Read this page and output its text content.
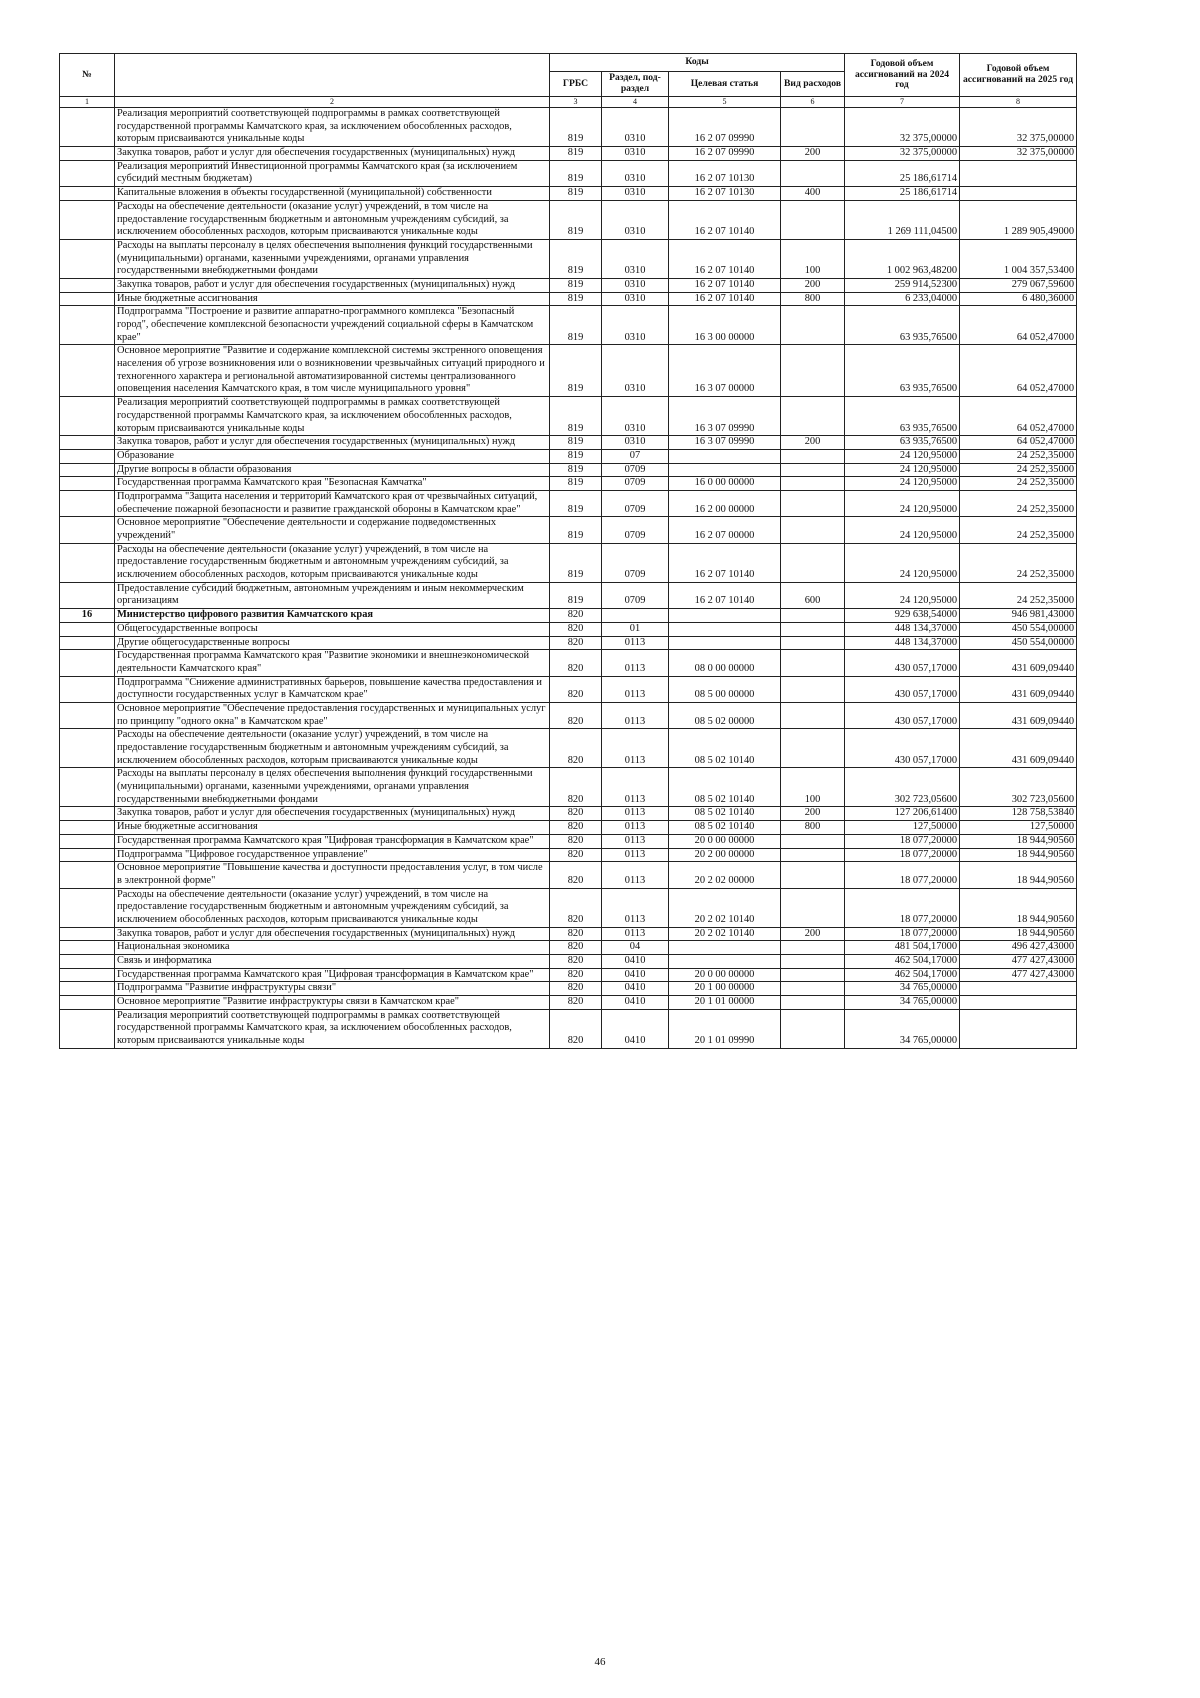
№		Коды				Годовой объем ассигнований на 2024 год	Годовой объем ассигнований на 2025 год	
		ГРБС	Раздел, под-раздел	Целевая статья	Вид расходов			
1	2	3	4	5	6	7	8	
	Реализация мероприятий соответствующей подпрограммы в рамках соответствующей государственной программы Камчатского края, за исключением обособленных расходов, которым присваиваются уникальные коды	819	0310	16 2 07 09990		32 375,00000	32 375,00000	
	Закупка товаров, работ и услуг для обеспечения государственных (муниципальных) нужд	819	0310	16 2 07 09990	200	32 375,00000	32 375,00000	
	Реализация мероприятий Инвестиционной программы Камчатского края (за исключением субсидий местным бюджетам)	819	0310	16 2 07 10130		25 186,61714		
	Капитальные вложения в объекты государственной (муниципальной) собственности	819	0310	16 2 07 10130	400	25 186,61714		
	Расходы на обеспечение деятельности (оказание услуг) учреждений, в том числе на предоставление государственным бюджетным и автономным учреждениям субсидий, за исключением обособленных расходов, которым присваиваются уникальные коды	819	0310	16 2 07 10140		1 269 111,04500	1 289 905,49000	
	Расходы на выплаты персоналу в целях обеспечения выполнения функций государственными (муниципальными) органами, казенными учреждениями, органами управления государственными внебюджетными фондами	819	0310	16 2 07 10140	100	1 002 963,48200	1 004 357,53400	
	Закупка товаров, работ и услуг для обеспечения государственных (муниципальных) нужд	819	0310	16 2 07 10140	200	259 914,52300	279 067,59600	
	Иные бюджетные ассигнования	819	0310	16 2 07 10140	800	6 233,04000	6 480,36000	
	Подпрограмма "Построение и развитие аппаратно-программного комплекса "Безопасный город", обеспечение комплексной безопасности учреждений социальной сферы в Камчатском крае"	819	0310	16 3 00 00000		63 935,76500	64 052,47000	
	Основное мероприятие "Развитие и содержание комплексной системы экстренного оповещения населения об угрозе возникновения или о возникновении чрезвычайных ситуаций природного и техногенного характера и региональной автоматизированной системы централизованного оповещения населения Камчатского края, в том числе муниципального уровня"	819	0310	16 3 07 00000		63 935,76500	64 052,47000	
	Реализация мероприятий соответствующей подпрограммы в рамках соответствующей государственной программы Камчатского края, за исключением обособленных расходов, которым присваиваются уникальные коды	819	0310	16 3 07 09990		63 935,76500	64 052,47000	
	Закупка товаров, работ и услуг для обеспечения государственных (муниципальных) нужд	819	0310	16 3 07 09990	200	63 935,76500	64 052,47000	
	Образование	819	07			24 120,95000	24 252,35000	
	Другие вопросы в области образования	819	0709			24 120,95000	24 252,35000	
	Государственная программа Камчатского края "Безопасная Камчатка"	819	0709	16 0 00 00000		24 120,95000	24 252,35000	
	Подпрограмма "Защита населения и территорий Камчатского края от чрезвычайных ситуаций, обеспечение пожарной безопасности и развитие гражданской обороны в Камчатском крае"	819	0709	16 2 00 00000		24 120,95000	24 252,35000	
	Основное мероприятие "Обеспечение деятельности и содержание подведомственных учреждений"	819	0709	16 2 07 00000		24 120,95000	24 252,35000	
	Расходы на обеспечение деятельности (оказание услуг) учреждений, в том числе на предоставление государственным бюджетным и автономным учреждениям субсидий, за исключением обособленных расходов, которым присваиваются уникальные коды	819	0709	16 2 07 10140		24 120,95000	24 252,35000	
	Предоставление субсидий бюджетным, автономным учреждениям и иным некоммерческим организациям	819	0709	16 2 07 10140	600	24 120,95000	24 252,35000	
16	Министерство цифрового развития Камчатского края	820				929 638,54000	946 981,43000	
	Общегосударственные вопросы	820	01			448 134,37000	450 554,00000	
	Другие общегосударственные вопросы	820	0113			448 134,37000	450 554,00000	
	Государственная программа Камчатского края "Развитие экономики и внешнеэкономической деятельности Камчатского края"	820	0113	08 0 00 00000		430 057,17000	431 609,09440	
	Подпрограмма "Снижение административных барьеров, повышение качества предоставления и доступности государственных услуг в Камчатском крае"	820	0113	08 5 00 00000		430 057,17000	431 609,09440	
	Основное мероприятие "Обеспечение предоставления государственных и муниципальных услуг по принципу "одного окна" в Камчатском крае"	820	0113	08 5 02 00000		430 057,17000	431 609,09440	
	Расходы на обеспечение деятельности (оказание услуг) учреждений, в том числе на предоставление государственным бюджетным и автономным учреждениям субсидий, за исключением обособленных расходов, которым присваиваются уникальные коды	820	0113	08 5 02 10140		430 057,17000	431 609,09440	
	Расходы на выплаты персоналу в целях обеспечения выполнения функций государственными (муниципальными) органами, казенными учреждениями, органами управления государственными внебюджетными фондами	820	0113	08 5 02 10140	100	302 723,05600	302 723,05600	
	Закупка товаров, работ и услуг для обеспечения государственных (муниципальных) нужд	820	0113	08 5 02 10140	200	127 206,61400	128 758,53840	
	Иные бюджетные ассигнования	820	0113	08 5 02 10140	800	127,50000	127,50000	
	Государственная программа Камчатского края "Цифровая трансформация в Камчатском крае"	820	0113	20 0 00 00000		18 077,20000	18 944,90560	
	Подпрограмма "Цифровое государственное управление"	820	0113	20 2 00 00000		18 077,20000	18 944,90560	
	Основное мероприятие "Повышение качества и доступности предоставления услуг, в том числе в электронной форме"	820	0113	20 2 02 00000		18 077,20000	18 944,90560	
	Расходы на обеспечение деятельности (оказание услуг) учреждений, в том числе на предоставление государственным бюджетным и автономным учреждениям субсидий, за исключением обособленных расходов, которым присваиваются уникальные коды	820	0113	20 2 02 10140		18 077,20000	18 944,90560	
	Закупка товаров, работ и услуг для обеспечения государственных (муниципальных) нужд	820	0113	20 2 02 10140	200	18 077,20000	18 944,90560	
	Национальная экономика	820	04			481 504,17000	496 427,43000	
	Связь и информатика	820	0410			462 504,17000	477 427,43000	
	Государственная программа Камчатского края "Цифровая трансформация в Камчатском крае"	820	0410	20 0 00 00000		462 504,17000	477 427,43000	
	Подпрограмма "Развитие инфраструктуры связи"	820	0410	20 1 00 00000		34 765,00000		
	Основное мероприятие "Развитие инфраструктуры связи в Камчатском крае"	820	0410	20 1 01 00000		34 765,00000		
	Реализация мероприятий соответствующей подпрограммы в рамках соответствующей государственной программы Камчатского края, за исключением обособленных расходов, которым присваиваются уникальные коды	820	0410	20 1 01 09990		34 765,00000		
46
